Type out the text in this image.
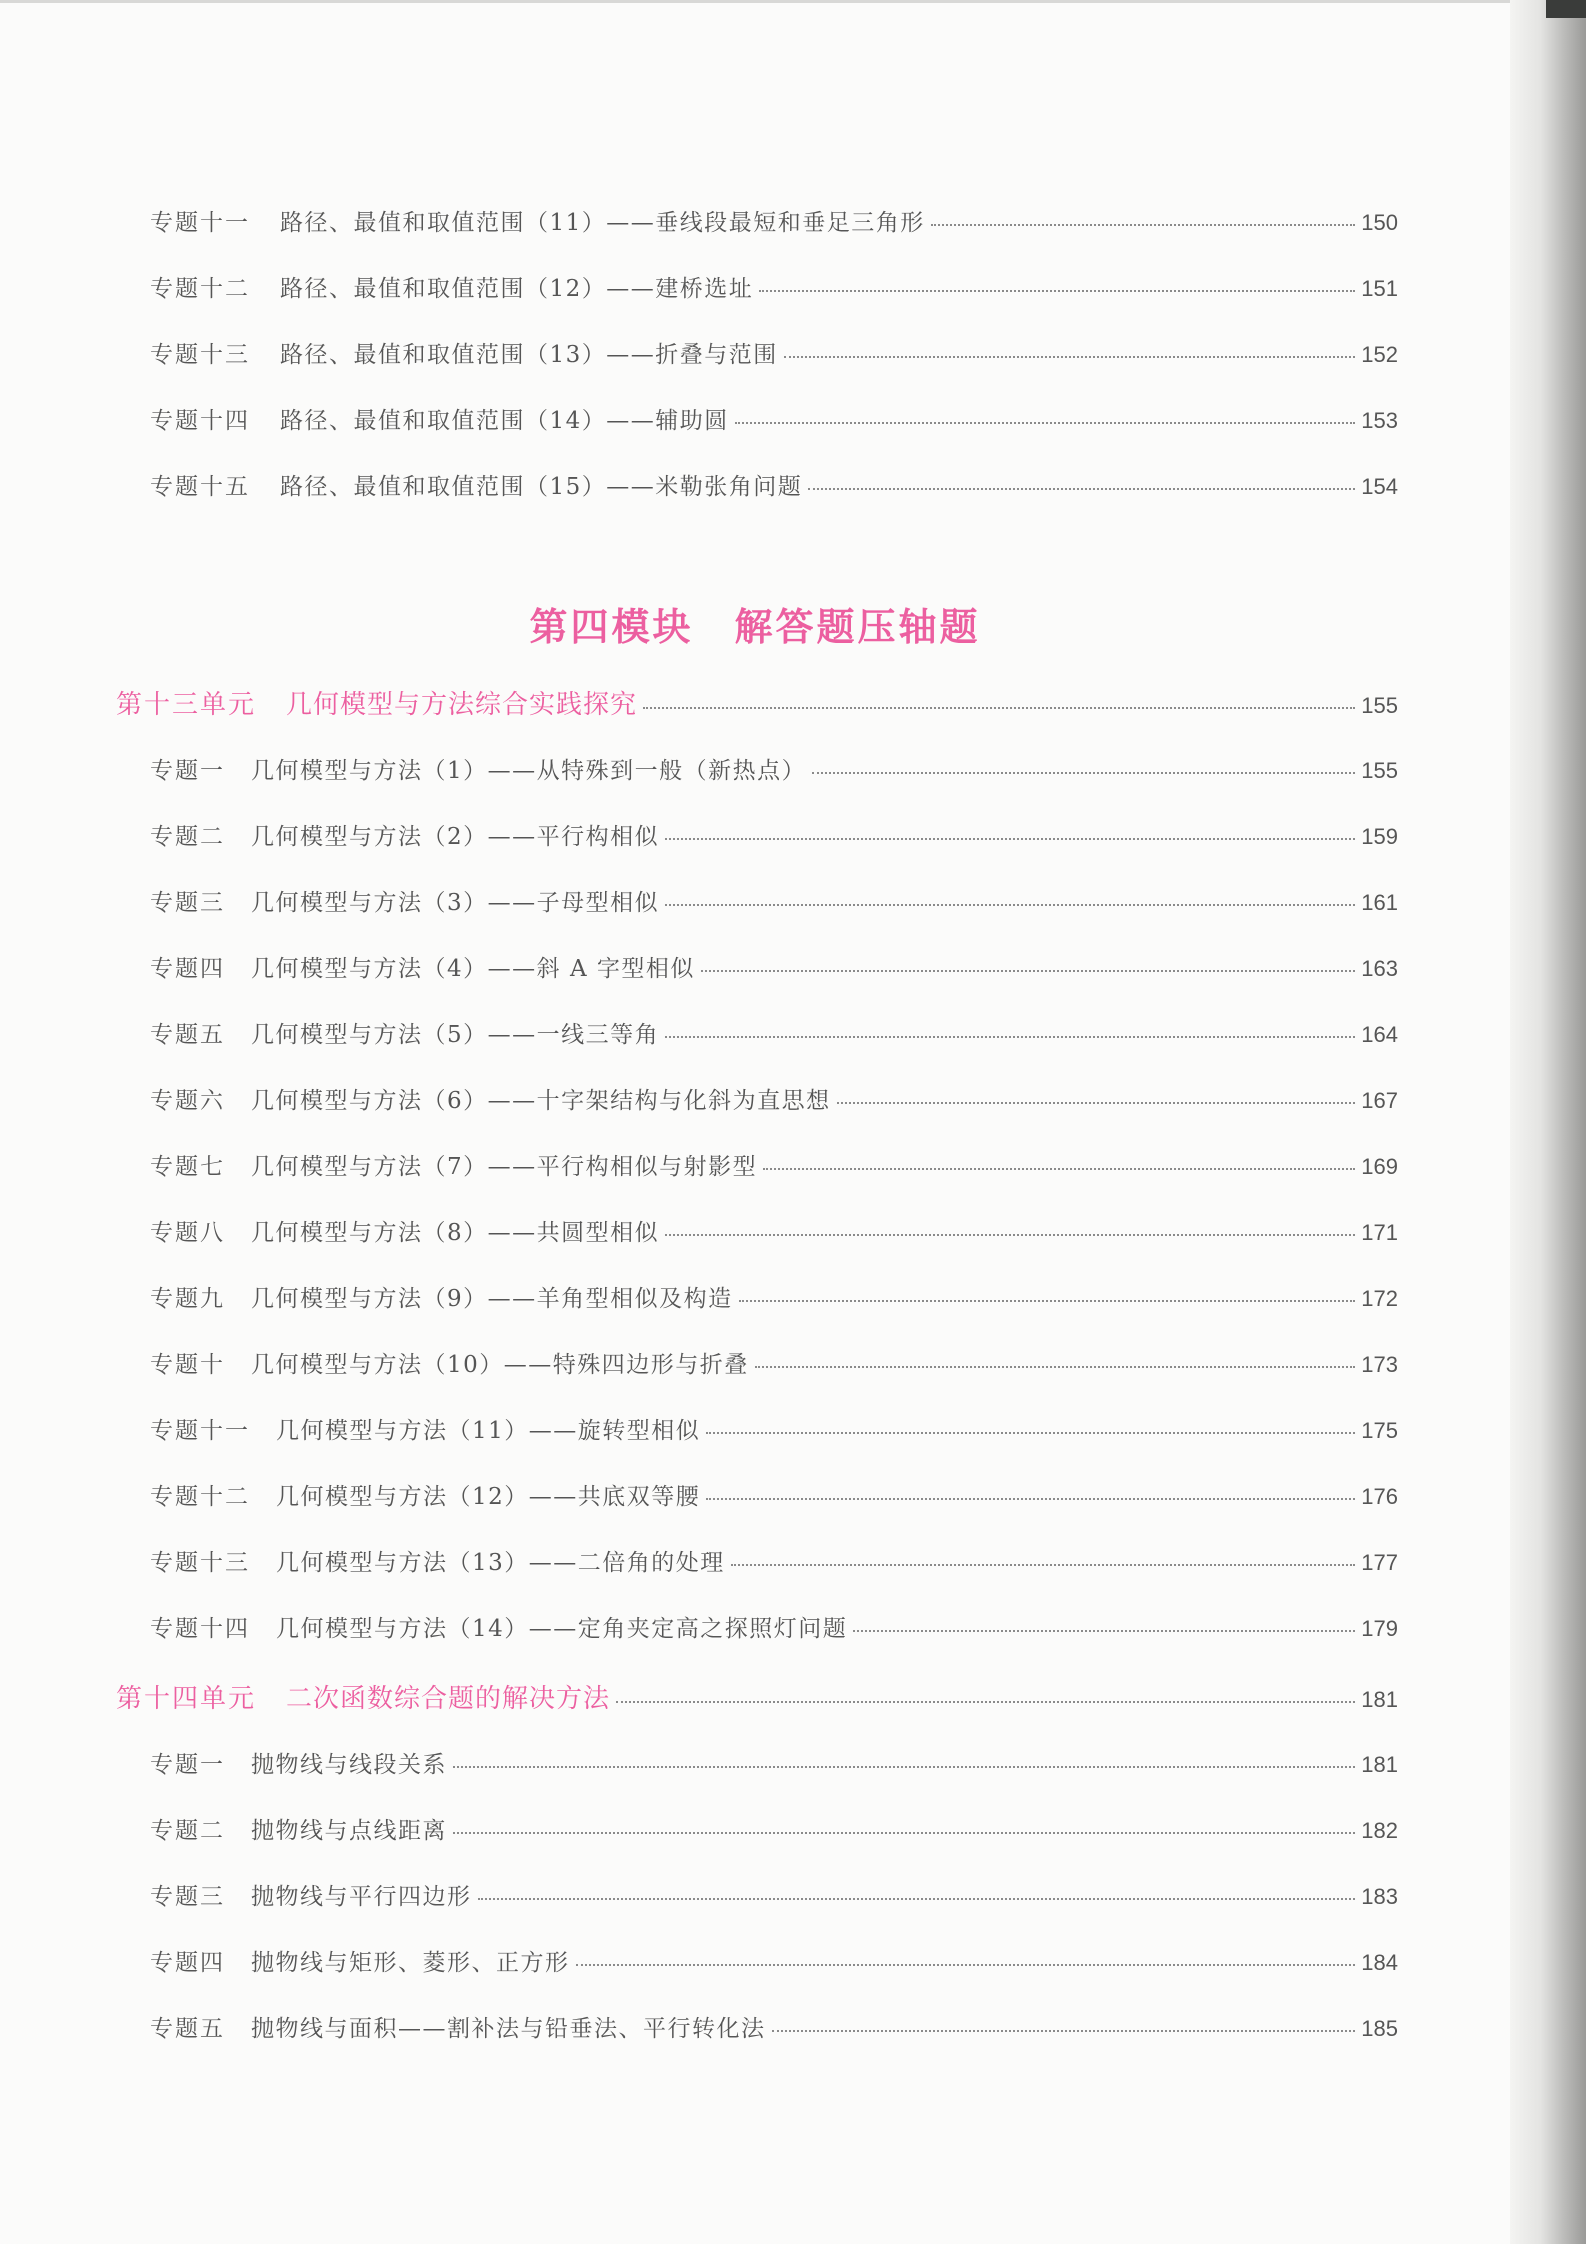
专题十一 路径、最值和取值范围（11）——垂线段最短和垂足三角形	150
专题十二 路径、最值和取值范围（12）——建桥选址	151
专题十三 路径、最值和取值范围（13）——折叠与范围	152
专题十四 路径、最值和取值范围（14）——辅助圆	153
专题十五 路径、最值和取值范围（15）——米勒张角问题	154
第四模块　解答题压轴题
第十三单元 几何模型与方法综合实践探究	155
专题一 几何模型与方法（1）——从特殊到一般（新热点）	155
专题二 几何模型与方法（2）——平行构相似	159
专题三 几何模型与方法（3）——子母型相似	161
专题四 几何模型与方法（4）——斜 A 字型相似	163
专题五 几何模型与方法（5）——一线三等角	164
专题六 几何模型与方法（6）——十字架结构与化斜为直思想	167
专题七 几何模型与方法（7）——平行构相似与射影型	169
专题八 几何模型与方法（8）——共圆型相似	171
专题九 几何模型与方法（9）——羊角型相似及构造	172
专题十 几何模型与方法（10）——特殊四边形与折叠	173
专题十一 几何模型与方法（11）——旋转型相似	175
专题十二 几何模型与方法（12）——共底双等腰	176
专题十三 几何模型与方法（13）——二倍角的处理	177
专题十四 几何模型与方法（14）——定角夹定高之探照灯问题	179
第十四单元 二次函数综合题的解决方法	181
专题一 抛物线与线段关系	181
专题二 抛物线与点线距离	182
专题三 抛物线与平行四边形	183
专题四 抛物线与矩形、菱形、正方形	184
专题五 抛物线与面积——割补法与铅垂法、平行转化法	185
